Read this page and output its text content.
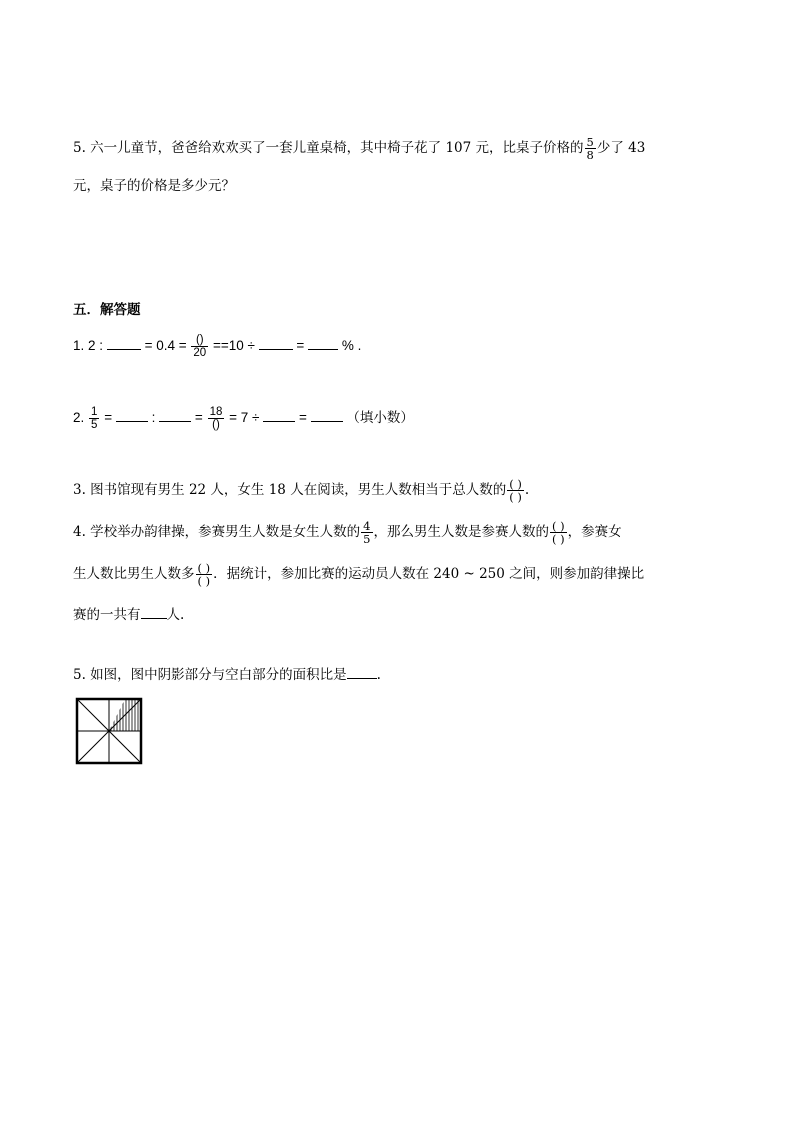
5. 六一儿童节，爸爸给欢欢买了一套儿童桌椅，其中椅子花了 107 元，比桌子价格的 $\frac{5}{8}$ 少了 43
元，桌子的价格是多少元？
五．解答题
1. 2 :	= $0.4 = \frac{()}{20} ==10$ ÷	=	% .
2. $\frac{1}{5}$ =	:	= $\frac{18}{()} = 7$ ÷	=	（填小数）
3. 图书馆现有男生 22 人，女生 18 人在阅读，男生人数相当于总人数的 $\frac{( )}{( )}$ .
4. 学校举办韵律操，参赛男生人数是女生人数的 $\frac{4}{5}$ ，那么男生人数是参赛人数的 $\frac{( )}{( )}$ ，参赛女
生人数比男生人数多 $\frac{( )}{( )}$ ．据统计，参加比赛的运动员人数在 240 ~ 250 之间，则参加韵律操比
赛的一共有 人.
5. 如图，图中阴影部分与空白部分的面积比是 .
